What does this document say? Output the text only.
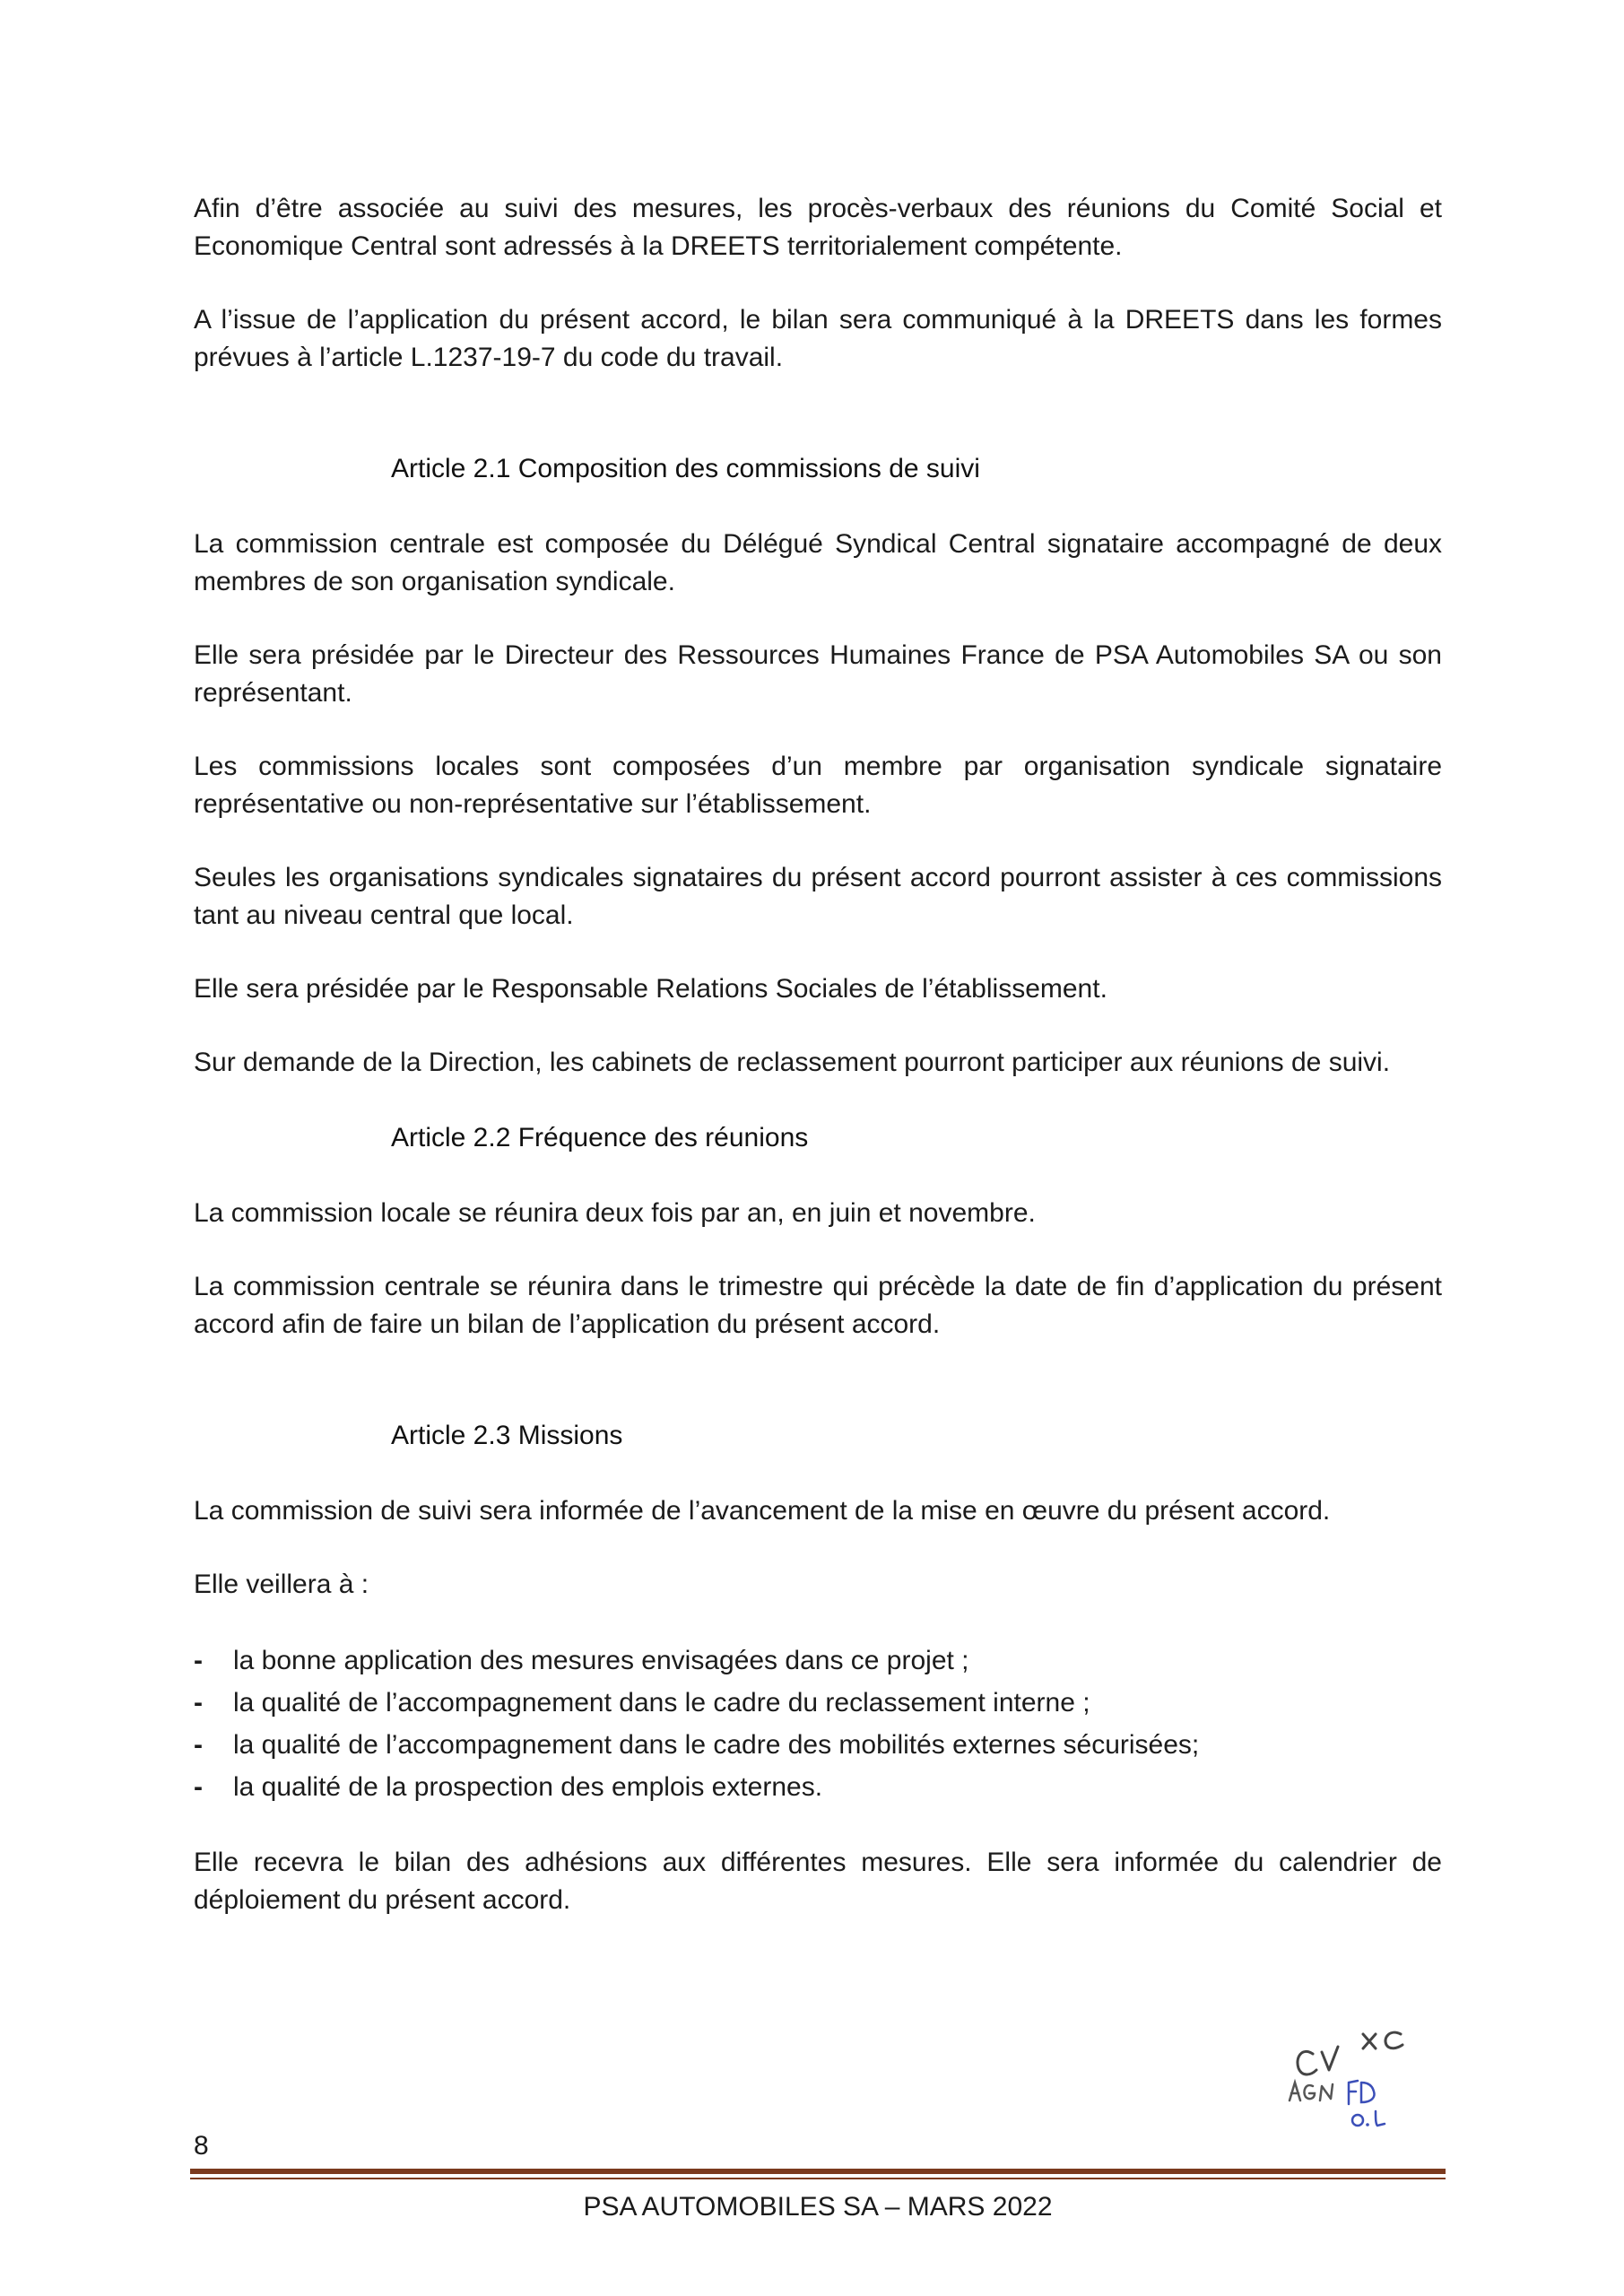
Afin d’être associée au suivi des mesures, les procès-verbaux des réunions du Comité Social et Economique Central sont adressés à la DREETS territorialement compétente.

A l’issue de l’application du présent accord, le bilan sera communiqué à la DREETS dans les formes prévues à l’article L.1237-19-7 du code du travail.

Article 2.1 Composition des commissions de suivi

La commission centrale est composée du Délégué Syndical Central signataire accompagné de deux membres de son organisation syndicale.

Elle sera présidée par le Directeur des Ressources Humaines France de PSA Automobiles SA ou son représentant.

Les commissions locales sont composées d’un membre par organisation syndicale signataire représentative ou non-représentative sur l’établissement.

Seules les organisations syndicales signataires du présent accord pourront assister à ces commissions tant au niveau central que local.

Elle sera présidée par le Responsable Relations Sociales de l’établissement.

Sur demande de la Direction, les cabinets de reclassement pourront participer aux réunions de suivi.

Article 2.2 Fréquence des réunions

La commission locale se réunira deux fois par an, en juin et novembre.

La commission centrale se réunira dans le trimestre qui précède la date de fin d’application du présent accord afin de faire un bilan de l’application du présent accord.

Article 2.3 Missions

La commission de suivi sera informée de l’avancement de la mise en œuvre du présent accord.

Elle veillera à :

-	la bonne application des mesures envisagées dans ce projet ;
-	la qualité de l’accompagnement dans le cadre du reclassement interne ;
-	la qualité de l’accompagnement dans le cadre des mobilités externes sécurisées;
-	la qualité de la prospection des emplois externes.

Elle recevra le bilan des adhésions aux différentes mesures. Elle sera informée du calendrier de déploiement du présent accord.

8
PSA AUTOMOBILES SA – MARS 2022
